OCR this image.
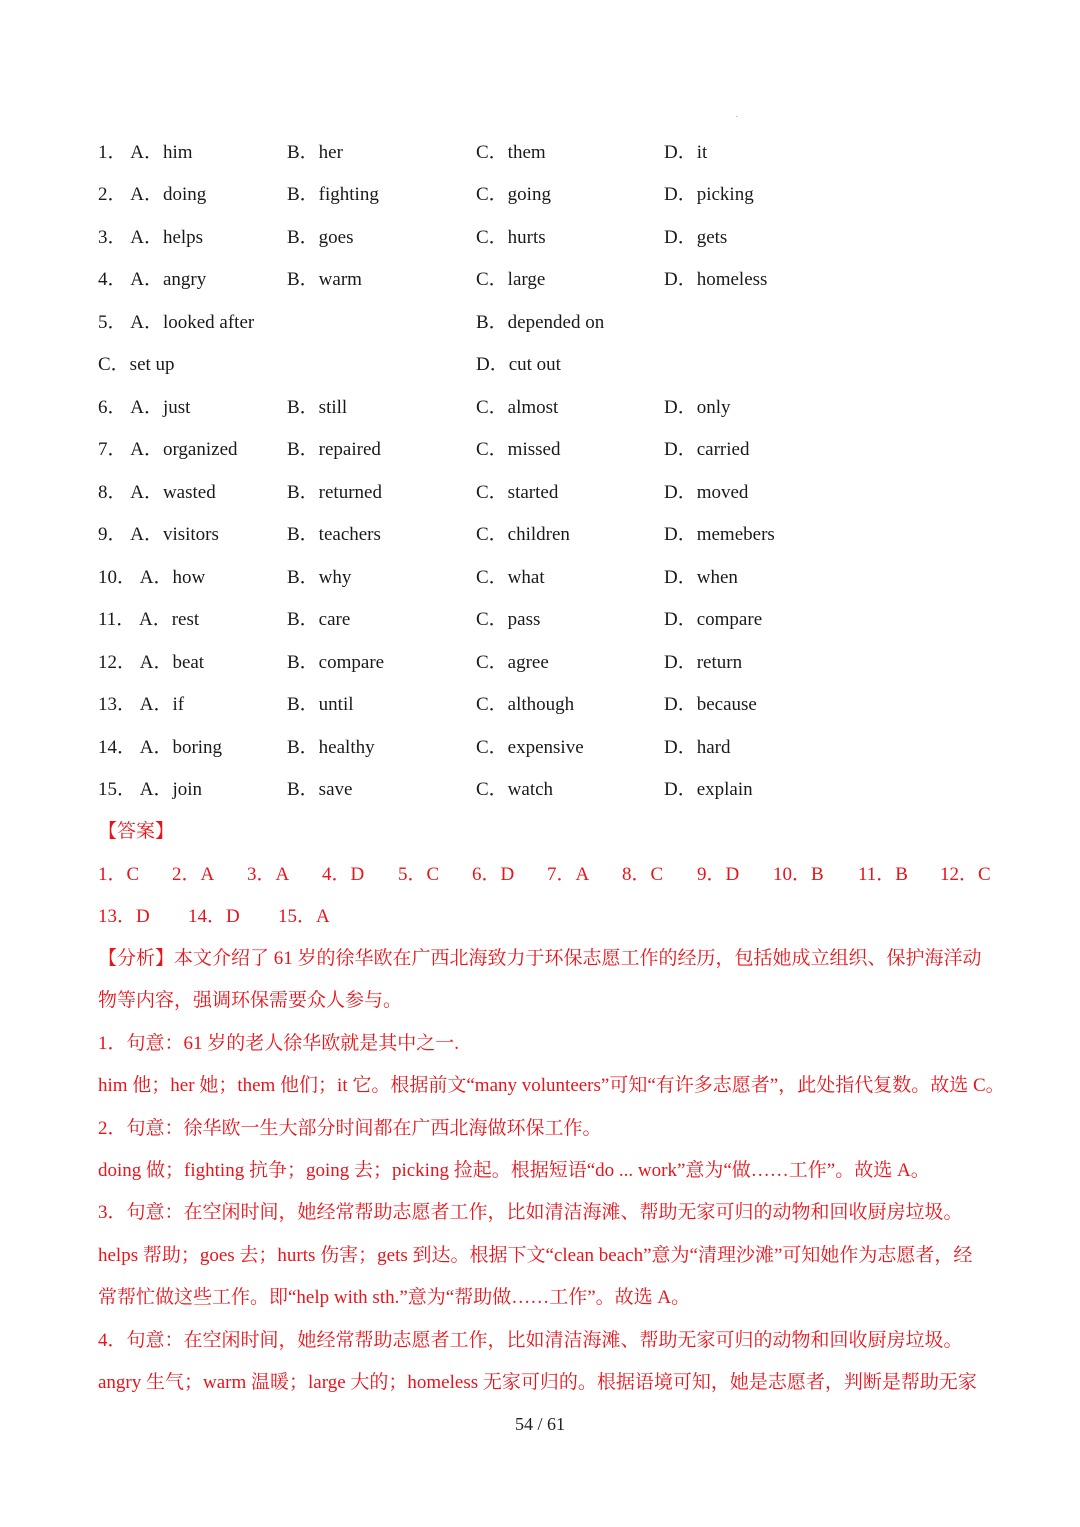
1． A．him	B．her	C．them	D．it
2． A．doing	B．fighting	C．going	D．picking
3． A．helps	B．goes	C．hurts	D．gets
4． A．angry	B．warm	C．large	D．homeless
5． A．looked after	B．depended on
C．set up	D．cut out
6． A．just	B．still	C．almost	D．only
7． A．organized	B．repaired	C．missed	D．carried
8． A．wasted	B．returned	C．started	D．moved
9． A．visitors	B．teachers	C．children	D．memebers
10． A．how	B．why	C．what	D．when
11． A．rest	B．care	C．pass	D．compare
12． A．beat	B．compare	C．agree	D．return
13． A．if	B．until	C．although	D．because
14． A．boring	B．healthy	C．expensive	D．hard
15． A．join	B．save	C．watch	D．explain
【答案】
1．C 2．A 3．A 4．D 5．C 6．D 7．A 8．C 9．D 10．B 11．B 12．C
13．D 14．D 15．A
【分析】本文介绍了 61 岁的徐华欧在广西北海致力于环保志愿工作的经历，包括她成立组织、保护海洋动
物等内容，强调环保需要众人参与。
1．句意：61 岁的老人徐华欧就是其中之一.
him 他；her 她；them 他们；it 它。根据前文“many volunteers”可知“有许多志愿者”，此处指代复数。故选 C。
2．句意：徐华欧一生大部分时间都在广西北海做环保工作。
doing 做；fighting 抗争；going 去；picking 捡起。根据短语“do ... work”意为“做……工作”。故选 A。
3．句意：在空闲时间，她经常帮助志愿者工作，比如清洁海滩、帮助无家可归的动物和回收厨房垃圾。
helps 帮助；goes 去；hurts 伤害；gets 到达。根据下文“clean beach”意为“清理沙滩”可知她作为志愿者，经
常帮忙做这些工作。即“help with sth.”意为“帮助做……工作”。故选 A。
4．句意：在空闲时间，她经常帮助志愿者工作，比如清洁海滩、帮助无家可归的动物和回收厨房垃圾。
angry 生气；warm 温暖；large 大的；homeless 无家可归的。根据语境可知，她是志愿者，判断是帮助无家
54 / 61
